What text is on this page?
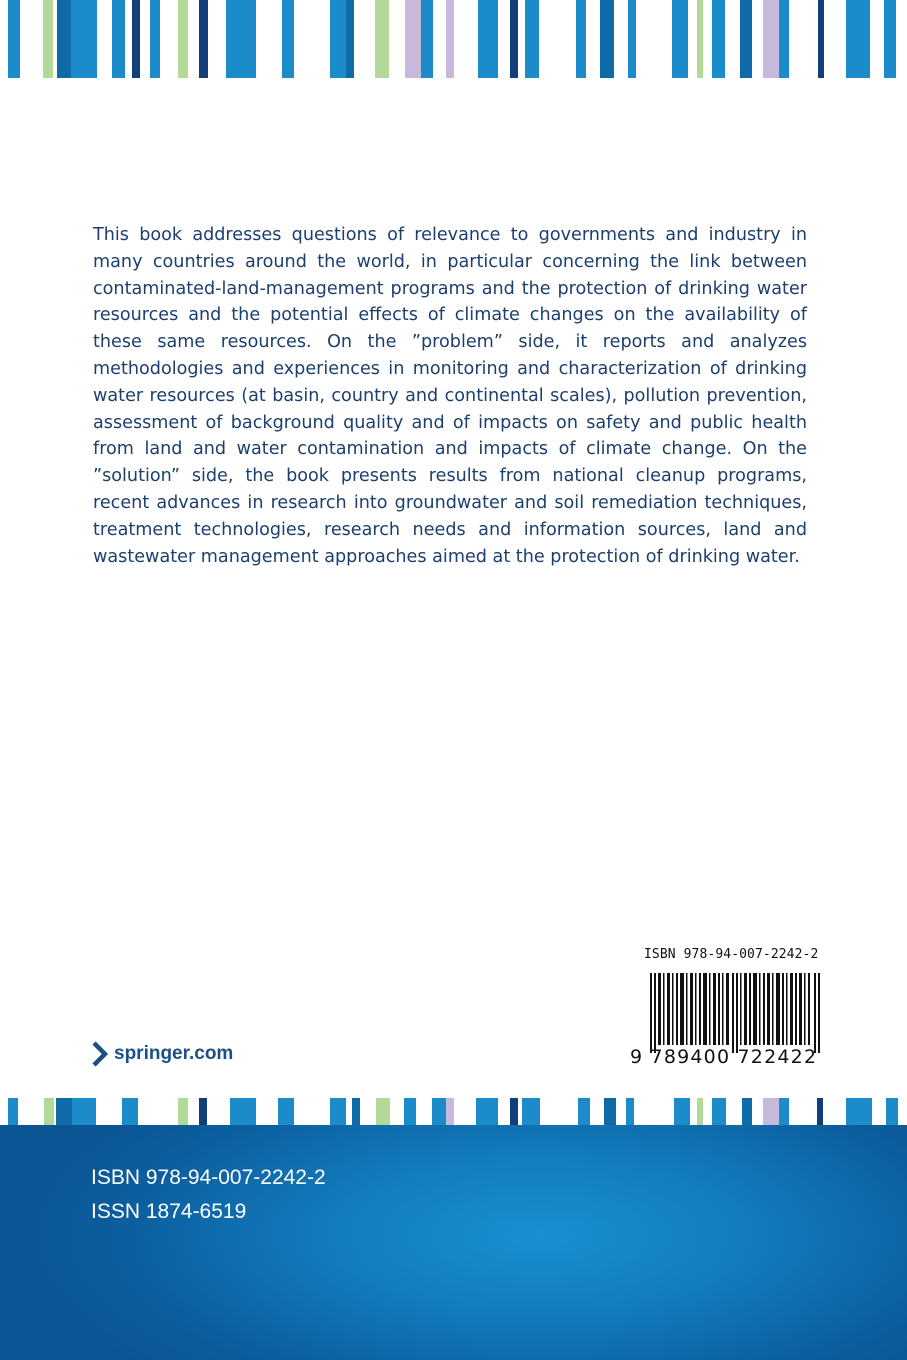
This book addresses questions of relevance to governments and industry in many countries around the world, in particular concerning the link between contaminated-land-management programs and the protection of drinking water resources and the potential effects of climate changes on the availability of these same resources. On the ”problem” side, it reports and analyzes methodologies and experiences in monitoring and characterization of drinking water resources (at basin, country and continental scales), pollution prevention, assessment of background quality and of impacts on safety and public health from land and water contamination and impacts of climate change. On the ”solution” side, the book presents results from national cleanup programs, recent advances in research into groundwater and soil remediation techniques, treatment technologies, research needs and information sources, land and wastewater management approaches aimed at the protection of drinking water.

ISBN 978-94-007-2242-2
9 789400 722422
springer.com
ISBN 978-94-007-2242-2
ISSN 1874-6519
